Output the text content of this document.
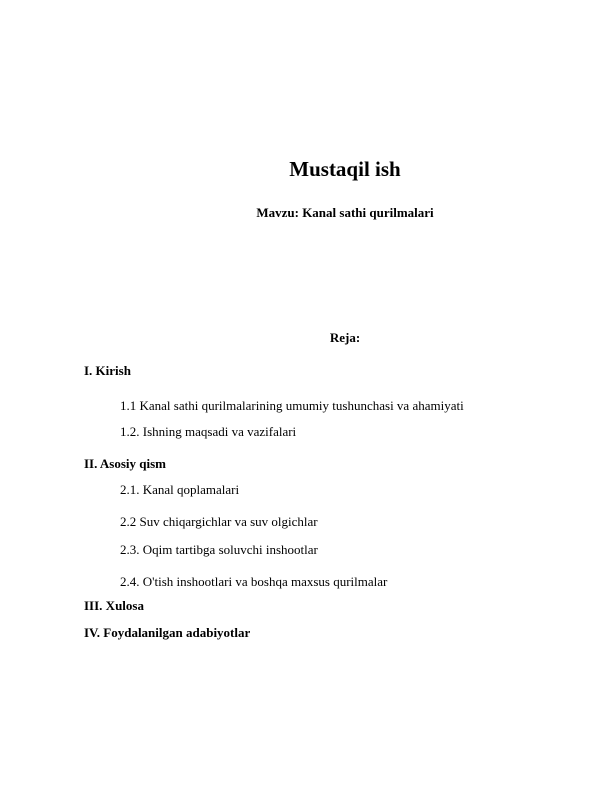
Mustaqil ish
Mavzu: Kanal sathi qurilmalari
Reja:
I. Kirish
1.1 Kanal sathi qurilmalarining umumiy tushunchasi va ahamiyati
1.2. Ishning maqsadi va vazifalari
II. Asosiy qism
2.1. Kanal qoplamalari
2.2 Suv chiqargichlar va suv olgichlar
2.3. Oqim tartibga soluvchi inshootlar
2.4. O'tish inshootlari va boshqa maxsus qurilmalar
III. Xulosa
IV. Foydalanilgan adabiyotlar
